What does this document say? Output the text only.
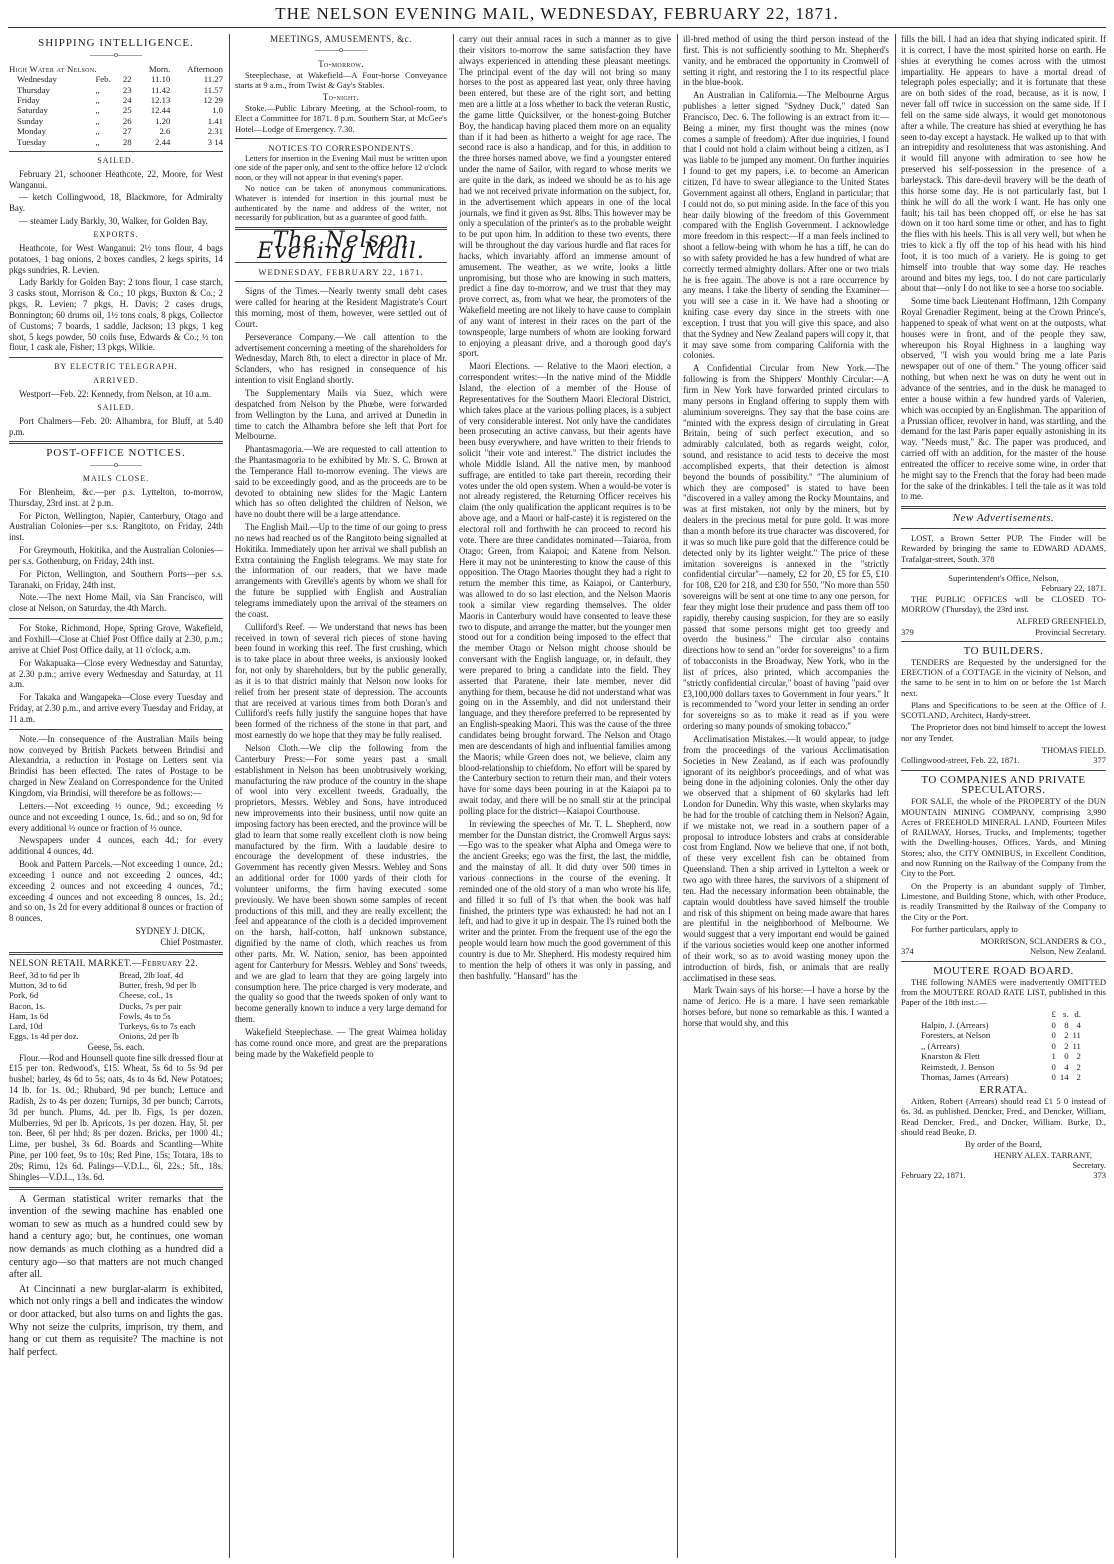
THE NELSON EVENING MAIL, WEDNESDAY, FEBRUARY 22, 1871.
SHIPPING INTELLIGENCE.
———o———
High Water at Nelson.			Morn.	Afternoon
Wednesday	Feb.	22	11.10	11.27
Thursday	,,	23	11.42	11.57
Friday	,,	24	12.13	12 29
Saturday	,,	25	12.44	1.0
Sunday	,,	26	1.20	1.41
Monday	,,	27	2.6	2.31
Tuesday	,,	28	2.44	3 14
SAILED.

February 21, schooner Heathcote, 22, Moore, for West Wanganui.

— ketch Collingwood, 18, Blackmore, for Admiralty Bay.

— steamer Lady Barkly, 30, Walker, for Golden Bay.

EXPORTS.

Heathcote, for West Wanganui: 2½ tons flour, 4 bags potatoes, 1 bag onions, 2 boxes candles, 2 kegs spirits, 14 pkgs sundries, R. Levien.

Lady Barkly for Golden Bay: 2 tons flour, 1 case starch, 3 casks stout, Morrison & Co.; 10 pkgs, Buxton & Co.; 2 pkgs, R. Levien; 7 pkgs, H. Davis; 2 cases drugs, Bonnington; 60 drums oil, 1½ tons coals, 8 pkgs, Collector of Customs; 7 boards, 1 saddle, Jackson; 13 pkgs, 1 keg shot, 5 kegs powder, 50 coils fuse, Edwards & Co.; ½ ton flour, 1 cask ale, Fisher; 13 pkgs, Wilkie.

BY ELECTRIC TELEGRAPH.
ARRIVED.

Westport—Feb. 22: Kennedy, from Nelson, at 10 a.m.

SAILED.

Port Chalmers—Feb. 20: Alhambra, for Bluff, at 5.40 p.m.

POST-OFFICE NOTICES.
———o———
MAILS CLOSE.

For Blenheim, &c.—per p.s. Lyttelton, to-morrow, Thursday, 23rd inst. at 2 p.m.

For Picton, Wellington, Napier, Canterbury, Otago and Australian Colonies—per s.s. Rangitoto, on Friday, 24th inst.

For Greymouth, Hokitika, and the Australian Colonies—per s.s. Gothenburg, on Friday, 24th inst.

For Picton, Wellington, and Southern Ports—per s.s. Taranaki, on Friday, 24th inst.

Note.—The next Home Mail, via San Francisco, will close at Nelson, on Saturday, the 4th March.

For Stoke, Richmond, Hope, Spring Grove, Wakefield, and Foxhill—Close at Chief Post Office daily at 2.30, p.m.; arrive at Chief Post Office daily, at 11 o'clock, a.m.

For Wakapuaka—Close every Wednesday and Saturday, at 2.30 p.m.; arrive every Wednesday and Saturday, at 11 a.m.

For Takaka and Wangapeka—Close every Tuesday and Friday, at 2.30 p.m., and arrive every Tuesday and Friday, at 11 a.m.

Note.—In consequence of the Australian Mails being now conveyed by British Packets between Brindisi and Alexandria, a reduction in Postage on Letters sent via Brindisi has been effected. The rates of Postage to be charged in New Zealand on Correspondence for the United Kingdom, via Brindisi, will therefore be as follows:—

Letters.—Not exceeding ½ ounce, 9d.; exceeding ½ ounce and not exceeding 1 ounce, 1s. 6d.; and so on, 9d for every additional ½ ounce or fraction of ½ ounce.

Newspapers under 4 ounces, each 4d.; for every additional 4 ounces, 4d.

Book and Pattern Parcels.—Not exceeding 1 ounce, 2d.; exceeding 1 ounce and not exceeding 2 ounces, 4d.; exceeding 2 ounces and not exceeding 4 ounces, 7d.; exceeding 4 ounces and not exceeding 8 ounces, 1s. 2d.; and so on, 1s 2d for every additional 8 ounces or fraction of 8 ounces.

SYDNEY J. DICK,
Chief Postmaster.
NELSON RETAIL MARKET.—February 22.
Beef, 3d to 6d per lb
Mutton, 3d to 6d
Pork, 6d
Bacon, 1s.
Ham, 1s 6d
Lard, 10d
Eggs, 1s 4d per doz.
Bread, 2lb loaf, 4d
Butter, fresh, 9d per lb
Cheese, col., 1s
Ducks, 7s per pair
Fowls, 4s to 5s
Turkeys, 6s to 7s each
Onions, 2d per lb
Geese, 5s. each.

Flour.—Rod and Hounsell quote fine silk dressed flour at £15 per ton. Redwood's, £15. Wheat, 5s 6d to 5s 9d per bushel; barley, 4s 6d to 5s; oats, 4s to 4s 6d. New Potatoes; 14 lb. for 1s. 0d.; Rhubard, 9d per bunch; Lettuce and Radish, 2s to 4s per dozen; Turnips, 3d per bunch; Carrots, 3d per bunch. Plums, 4d. per lb. Figs, 1s per dozen. Mulberries, 9d per lb. Apricots, 1s per dozen. Hay, 5l. per ton. Beer, 6l per hhd; 8s per dozen. Bricks, per 1000 4l.; Lime, per bushel, 3s 6d. Boards and Scantling—White Pine, per 100 feet, 9s to 10s; Red Pine, 15s; Totara, 18s to 20s; Rimu, 12s 6d. Palings—V.D.L., 6l, 22s.; 5ft., 18s. Shingles—V.D.L., 13s. 6d.

A German statistical writer remarks that the invention of the sewing machine has enabled one woman to sew as much as a hundred could sew by hand a century ago; but, he continues, one woman now demands as much clothing as a hundred did a century ago—so that matters are not much changed after all.

At Cincinnati a new burglar-alarm is exhibited, which not only rings a bell and indicates the window or door attacked, but also turns on and lights the gas. Why not seize the culprits, imprison, try them, and hang or cut them as requisite? The machine is not half perfect.

MEETINGS, AMUSEMENTS, &c.
———o———
To-morrow.

Steeplechase, at Wakefield—A Four-horse Conveyance starts at 9 a.m., from Twist & Gay's Stables.

To-night.

Stoke.—Public Library Meeting, at the School-room, to Elect a Committee for 1871. 8 p.m. Southern Star, at McGee's Hotel—Lodge of Emergency. 7.30.

NOTICES TO CORRESPONDENTS.

Letters for insertion in the Evening Mail must be written upon one side of the paper only, and sent to the office before 12 o'clock noon, or they will not appear in that evening's paper.

No notice can be taken of anonymous communications. Whatever is intended for insertion in this journal must be authenticated by the name and address of the writer, not necessarily for publication, but as a guarantee of good faith.

The Nelson Evening Mail.
WEDNESDAY, FEBRUARY 22, 1871.

Signs of the Times.—Nearly twenty small debt cases were called for hearing at the Resident Magistrate's Court this morning, most of them, however, were settled out of Court.

Perseverance Company.—We call attention to the advertisement concerning a meeting of the shareholders for Wednesday, March 8th, to elect a director in place of Mr. Sclanders, who has resigned in consequence of his intention to visit England shortly.

The Supplementary Mails via Suez, which were despatched from Nelson by the Phœbe, were forwarded from Wellington by the Luna, and arrived at Dunedin in time to catch the Alhambra before she left that Port for Melbourne.

Phantasmagoria.—We are requested to call attention to the Phantasmagoria to be exhibited by Mr. S. C. Brown at the Temperance Hall to-morrow evening. The views are said to be exceedingly good, and as the proceeds are to be devoted to obtaining new slides for the Magic Lantern which has so often delighted the children of Nelson, we have no doubt there will be a large attendance.

The English Mail.—Up to the time of our going to press no news had reached us of the Rangitoto being signalled at Hokitika. Immediately upon her arrival we shall publish an Extra containing the English telegrams. We may state for the information of our readers, that we have made arrangements with Greville's agents by whom we shall for the future be supplied with English and Australian telegrams immediately upon the arrival of the steamers on the coast.

Culliford's Reef. — We understand that news has been received in town of several rich pieces of stone having been found in working this reef. The first crushing, which is to take place in about three weeks, is anxiously looked for, not only by shareholders, but by the public generally, as it is to that district mainly that Nelson now looks for relief from her present state of depression. The accounts that are received at various times from both Doran's and Culliford's reefs fully justify the sanguine hopes that have been formed of the richness of the stone in that part, and most earnestly do we hope that they may be fully realised.

Nelson Cloth.—We clip the following from the Canterbury Press:—For some years past a small establishment in Nelson has been unobtrusively working, manufacturing the raw produce of the country in the shape of wool into very excellent tweeds. Gradually, the proprietors, Messrs. Webley and Sons, have introduced new improvements into their business, until now quite an imposing factory has been erected, and the province will be glad to learn that some really excellent cloth is now being manufactured by the firm. With a laudable desire to encourage the development of these industries, the Government has recently given Messrs. Webley and Sons an additional order for 1000 yards of their cloth for volunteer uniforms, the firm having executed some previously. We have been shown some samples of recent productions of this mill, and they are really excellent; the feel and appearance of the cloth is a decided improvement on the harsh, half-cotton, half unknown substance, dignified by the name of cloth, which reaches us from other parts. Mr. W. Nation, senior, has been appointed agent for Canterbury for Messrs. Webley and Sons' tweeds, and we are glad to learn that they are going largely into consumption here. The price charged is very moderate, and the quality so good that the tweeds spoken of only want to become generally known to induce a very large demand for them.

Wakefield Steeplechase. — The great Waimea holiday has come round once more, and great are the preparations being made by the Wakefield people to

carry out their annual races in such a manner as to give their visitors to-morrow the same satisfaction they have always experienced in attending these pleasant meetings. The principal event of the day will not bring so many horses to the post as appeared last year, only three having been entered, but these are of the right sort, and betting men are a little at a loss whether to back the veteran Rustic, the game little Quicksilver, or the honest-going Butcher Boy, the handicap having placed them more on an equality than if it had been as hitherto a weight for age race. The second race is also a handicap, and for this, in addition to the three horses named above, we find a youngster entered under the name of Sailor, with regard to whose merits we are quite in the dark, as indeed we should be as to his age had we not received private information on the subject, for, in the advertisement which appears in one of the local journals, we find it given as 9st. 8lbs. This however may be only a speculation of the printer's as to the probable weight to be put upon him. In addition to these two events, there will be throughout the day various hurdle and flat races for hacks, which invariably afford an immense amount of amusement. The weather, as we write, looks a little unpromising, but those who are knowing in such matters, predict a fine day to-morrow, and we trust that they may prove correct, as, from what we hear, the promoters of the Wakefield meeting are not likely to have cause to complain of any want of interest in their races on the part of the townspeople, large numbers of whom are looking forward to enjoying a pleasant drive, and a thorough good day's sport.

Maori Elections. — Relative to the Maori election, a correspondent writes:—In the native mind of the Middle Island, the election of a member of the House of Representatives for the Southern Maori Electoral District, which takes place at the various polling places, is a subject of very considerable interest. Not only have the candidates been prosecuting an active canvass, but their agents have been busy everywhere, and have written to their friends to solicit "their vote and interest." The district includes the whole Middle Island. All the native men, by manhood suffrage, are entitled to take part therein, recording their votes under the old open system. When a would-be voter is not already registered, the Returning Officer receives his claim (the only qualification the applicant requires is to be above age, and a Maori or half-caste) it is registered on the electoral roll and forthwith he can proceed to record his vote. There are three candidates nominated—Taiaroa, from Otago; Green, from Kaiapoi; and Katene from Nelson. Here it may not be uninteresting to know the cause of this opposition. The Otago Maories thought they had a right to return the member this time, as Kaiapoi, or Canterbury, was allowed to do so last election, and the Nelson Maoris took a similar view regarding themselves. The older Maoris in Canterbury would have consented to leave these two to dispute, and arrange the matter, but the younger men stood out for a condition being imposed to the effect that the member Otago or Nelson might choose should be conversant with the English language, or, in default, they were prepared to bring a candidate into the field. They asserted that Paratene, their late member, never did anything for them, because he did not understand what was going on in the Assembly, and did not understand their language, and they therefore preferred to be represented by an English-speaking Maori. This was the cause of the three candidates being brought forward. The Nelson and Otago men are descendants of high and influential families among the Maoris; while Green does not, we believe, claim any blood-relationship to chiefdom. No effort will be spared by the Canterbury section to return their man, and their voters have for some days been pouring in at the Kaiapoi pa to await today, and there will be no small stir at the principal polling place for the district—Kaiapoi Courthouse.

In reviewing the speeches of Mr. T. L. Shepherd, now member for the Dunstan district, the Cromwell Argus says:—Ego was to the speaker what Alpha and Omega were to the ancient Greeks; ego was the first, the last, the middle, and the mainstay of all. It did duty over 500 times in various connections in the course of the evening. It reminded one of the old story of a man who wrote his life, and filled it so full of I's that when the book was half finished, the printers type was exhausted: he had not an I left, and had to give it up in despair. The I's ruined both the writer and the printer. From the frequent use of the ego the people would learn how much the good government of this country is due to Mr. Shepherd. His modesty required him to mention the help of others it was only in passing, and then bashfully. "Hansard" has the

ill-bred method of using the third person instead of the first. This is not sufficiently soothing to Mr. Shepherd's vanity, and he embraced the opportunity in Cromwell of setting it right, and restoring the I to its respectful place in the blue-book.

An Australian in California.—The Melbourne Argus publishes a letter signed "Sydney Duck," dated San Francisco, Dec. 6. The following is an extract from it:—Being a miner, my first thought was the mines (now comes a sample of freedom). After due inquiries, I found that I could not hold a claim without being a citizen, as I was liable to be jumped any moment. On further inquiries I found to get my papers, i.e. to become an American citizen, I'd have to swear allegiance to the United States Government against all others, England in particular; that I could not do, so put mining aside. In the face of this you hear daily blowing of the freedom of this Government compared with the English Government. I acknowledge more freedom in this respect:—If a man feels inclined to shoot a fellow-being with whom he has a tiff, he can do so with safety provided he has a few hundred of what are correctly termed almighty dollars. After one or two trials he is free again. The above is not a rare occurrence by any means. I take the liberty of sending the Examiner—you will see a case in it. We have had a shooting or knifing case every day since in the streets with one exception. I trust that you will give this space, and also that the Sydney and New Zealand papers will copy it, that it may save some from comparing California with the colonies.

A Confidential Circular from New York.—The following is from the Shippers' Monthly Circular:—A firm in New York have forwarded printed circulars to many persons in England offering to supply them with aluminium sovereigns. They say that the base coins are "minted with the express design of circulating in Great Britain, being of such perfect execution, and so admirably calculated, both as regards weight, color, sound, and resistance to acid tests to deceive the most accomplished experts, that their detection is almost beyond the bounds of possibility." "The aluminium of which they are composed" is stated to have been "discovered in a valley among the Rocky Mountains, and was at first mistaken, not only by the miners, but by dealers in the precious metal for pure gold. It was more than a month before its true character was discovered, for it was so much like pure gold that the difference could be detected only by its lighter weight." The price of these imitation sovereigns is annexed in the "strictly confidential circular"—namely, £2 for 20, £5 for £5, £10 for 108, £20 for 218, and £30 for 550. "No more than 550 sovereigns will be sent at one time to any one person, for fear they might lose their prudence and pass them off too rapidly, thereby causing suspicion, for they are so easily passed that some persons might get too greedy and overdo the business." The circular also contains directions how to send an "order for sovereigns" to a firm of tobacconists in the Broadway, New York, who in the list of prices, also printed, which accompanies the "strictly confidential circular," boast of having "paid over £3,100,000 dollars taxes to Government in four years." It is recommended to "word your letter in sending an order for sovereigns so as to make it read as if you were ordering so many pounds of smoking tobacco."

Acclimatisation Mistakes.—It would appear, to judge from the proceedings of the various Acclimatisation Societies in New Zealand, as if each was profoundly ignorant of its neighbor's proceedings, and of what was being done in the adjoining colonies. Only the other day we observed that a shipment of 60 skylarks had left London for Dunedin. Why this waste, when skylarks may be had for the trouble of catching them in Nelson? Again, if we mistake not, we read in a southern paper of a proposal to introduce lobsters and crabs at considerable cost from England. Now we believe that one, if not both, of these very excellent fish can be obtained from Queensland. Then a ship arrived in Lyttelton a week or two ago with three hares, the survivors of a shipment of ten. Had the necessary information been obtainable, the captain would doubtless have saved himself the trouble and risk of this shipment on being made aware that hares are plentiful in the neighborhood of Melbourne. We would suggest that a very important end would be gained if the various societies would keep one another informed of their work, so as to avoid wasting money upon the introduction of birds, fish, or animals that are really acclimatised in these seas.

Mark Twain says of his horse:—I have a horse by the name of Jerico. He is a mare. I have seen remarkable horses before, but none so remarkable as this. I wanted a horse that would shy, and this

fills the bill. I had an idea that shying indicated spirit. If it is correct, I have the most spirited horse on earth. He shies at everything he comes across with the utmost impartiality. He appears to have a mortal dread of telegraph poles especially; and it is fortunate that these are on both sides of the road, because, as it is now, I never fall off twice in succession on the same side. If I fell on the same side always, it would get monotonous after a while. The creature has shied at everything he has seen to-day except a haystack. He walked up to that with an intrepidity and resoluteness that was astonishing. And it would fill anyone with admiration to see how he preserved his self-possession in the presence of a barleystack. This dare-devil bravery will be the death of this horse some day. He is not particularly fast, but I think he will do all the work I want. He has only one fault; his tail has been chopped off, or else he has sat down on it too hard some time or other, and has to fight the flies with his heels. This is all very well, but when he tries to kick a fly off the top of his head with his hind foot, it is too much of a variety. He is going to get himself into trouble that way some day. He reaches around and bites my legs, too. I do not care particularly about that—only I do not like to see a horse too sociable.

Some time back Lieutenant Hoffmann, 12th Company Royal Grenadier Regiment, being at the Crown Prince's, happened to speak of what went on at the outposts, what houses were in front, and of the people they saw, whereupon his Royal Highness in a laughing way observed, "I wish you would bring me a late Paris newspaper out of one of them." The young officer said nothing, but when next he was on duty he went out in advance of the sentries, and in the dusk he managed to enter a house within a few hundred yards of Valerien, which was occupied by an Englishman. The apparition of a Prussian officer, revolver in hand, was startling, and the demand for the last Paris paper equally astonishing in its way. "Needs must," &c. The paper was produced, and carried off with an addition, for the master of the house entreated the officer to receive some wine, in order that he might say to the French that the foray had been made for the sake of the drinkables. I tell the tale as it was told to me.

New Advertisements.

LOST, a Brown Setter PUP. The Finder will be Rewarded by bringing the same to EDWARD ADAMS, Trafalgar-street, South. 378

Superintendent's Office, Nelson,
February 22, 1871.

THE PUBLIC OFFICES will be CLOSED TO-MORROW (Thursday), the 23rd inst.

ALFRED GREENFIELD,
379	Provincial Secretary.
TO BUILDERS.

TENDERS are Requested by the undersigned for the ERECTION of a COTTAGE in the vicinity of Nelson, and the same to be sent in to him on or before the 1st March next.

Plans and Specifications to be seen at the Office of J. SCOTLAND, Architect, Hardy-street.

The Proprietor does not bind himself to accept the lowest nor any Tender.

THOMAS FIELD.
Collingwood-street, Feb. 22, 1871.	377
TO COMPANIES AND PRIVATE SPECULATORS.

FOR SALE, the whole of the PROPERTY of the DUN MOUNTAIN MINING COMPANY, comprising 3,990 Acres of FREEHOLD MINERAL LAND, Fourteen Miles of RAILWAY, Horses, Trucks, and Implements; together with the Dwelling-houses, Offices, Yards, and Mining Stores; also, the CITY OMNIBUS, in Excellent Condition, and now Running on the Railway of the Company from the City to the Port.

On the Property is an abundant supply of Timber, Limestone, and Building Stone, which, with other Produce, is readily Transmitted by the Railway of the Company to the City or the Port.

For further particulars, apply to

MORRISON, SCLANDERS & CO.,
374	Nelson, New Zealand.
MOUTERE ROAD BOARD.

THE following NAMES were inadvertently OMITTED from the MOUTERE ROAD RATE LIST, published in this Paper of the 18th inst.:—

	£	s.	d.
Halpin, J. (Arrears)	0	8	4
Foresters, at Nelson	0	2	11
,, (Arrears)	0	2	11
Knarston & Flett	1	0	2
Reimstedt, J. Benson	0	4	2
Thomas, James (Arrears)	0	14	2
ERRATA.

Aitken, Robert (Arrears) should read £1 5 0 instead of 6s. 3d. as published. Dencker, Fred., and Dencker, William, Read Dencker, Fred., and Dncker, William. Burke, D., should read Beuke, D.

By order of the Board,
HENRY ALEX. TARRANT,
Secretary.
February 22, 1871.	373
